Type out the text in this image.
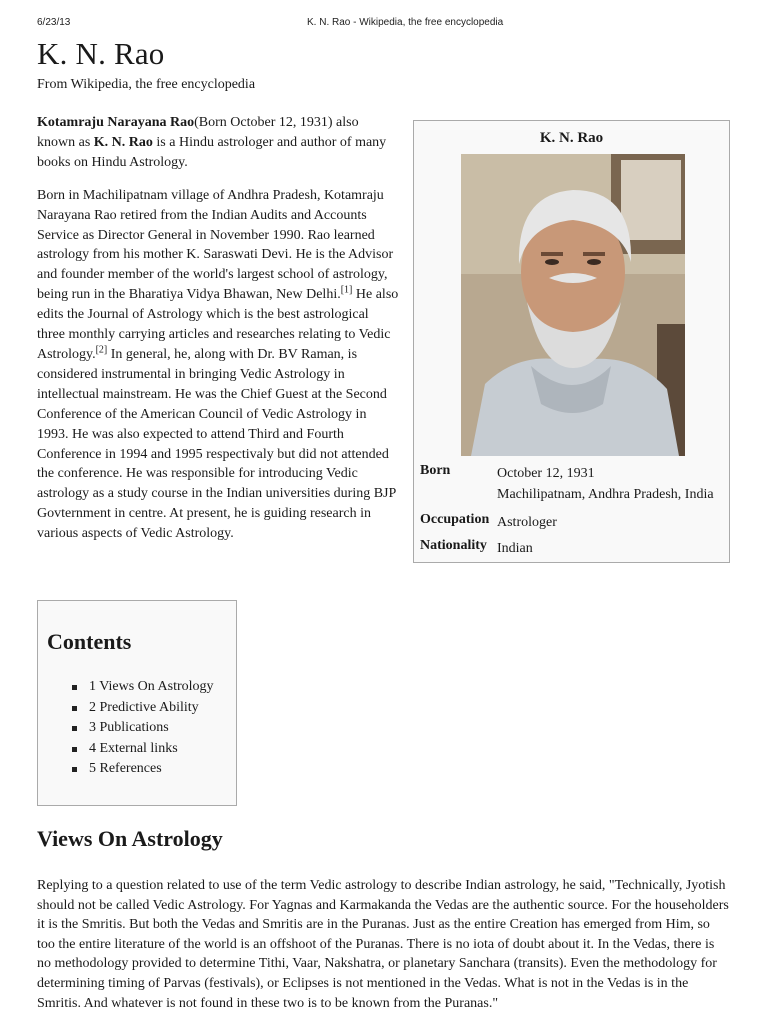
6/23/13	K. N. Rao - Wikipedia, the free encyclopedia
K. N. Rao
From Wikipedia, the free encyclopedia

Kotamraju Narayana Rao(Born October 12, 1931) also known as K. N. Rao is a Hindu astrologer and author of many books on Hindu Astrology.

Born in Machilipatnam village of Andhra Pradesh, Kotamraju Narayana Rao retired from the Indian Audits and Accounts Service as Director General in November 1990. Rao learned astrology from his mother K. Saraswati Devi. He is the Advisor and founder member of the world's largest school of astrology, being run in the Bharatiya Vidya Bhawan, New Delhi.[1] He also edits the Journal of Astrology which is the best astrological three monthly carrying articles and researches relating to Vedic Astrology.[2] In general, he, along with Dr. BV Raman, is considered instrumental in bringing Vedic Astrology in intellectual mainstream. He was the Chief Guest at the Second Conference of the American Council of Vedic Astrology in 1993. He was also expected to attend Third and Fourth Conference in 1994 and 1995 respectivaly but did not attended the conference. He was responsible for introducing Vedic astrology as a study course in the Indian universities during BJP Govternment in centre. At present, he is guiding research in various aspects of Vedic Astrology.

K. N. Rao
Born	October 12, 1931
Machilipatnam, Andhra Pradesh, India
Occupation Astrologer
Nationality Indian
Contents
1 Views On Astrology
2 Predictive Ability
3 Publications
4 External links
5 References
Views On Astrology

Replying to a question related to use of the term Vedic astrology to describe Indian astrology, he said, "Technically, Jyotish should not be called Vedic Astrology. For Yagnas and Karmakanda the Vedas are the authentic source. For the householders it is the Smritis. But both the Vedas and Smritis are in the Puranas. Just as the entire Creation has emerged from Him, so too the entire literature of the world is an offshoot of the Puranas. There is no iota of doubt about it. In the Vedas, there is no methodology provided to determine Tithi, Vaar, Nakshatra, or planetary Sanchara (transits). Even the methodology for determining timing of Parvas (festivals), or Eclipses is not mentioned in the Vedas. What is not in the Vedas is in the Smritis. And whatever is not found in these two is to be known from the Puranas."
